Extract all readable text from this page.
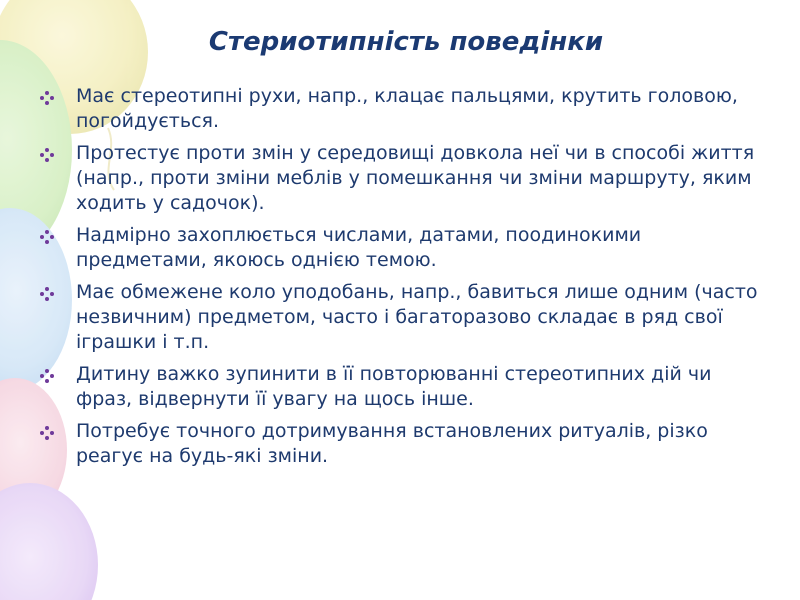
Стериотипність поведінки
Має стереотипні рухи, напр., клацає пальцями, крутить головою, погойдується.
Протестує проти змін у середовищі довкола неї чи в способі життя (напр., проти зміни меблів у помешкання чи зміни маршруту, яким ходить у садочок).
Надмірно захоплюється числами, датами, поодинокими предметами, якоюсь однією темою.
Має обмежене коло уподобань, напр., бавиться лише одним (часто незвичним) предметом, часто і багаторазово складає в ряд свої іграшки і т.п.
Дитину важко зупинити в її повторюванні стереотипних дій чи фраз, відвернути її увагу на щось інше.
Потребує точного дотримування встановлених ритуалів, різко реагує на будь-які зміни.
